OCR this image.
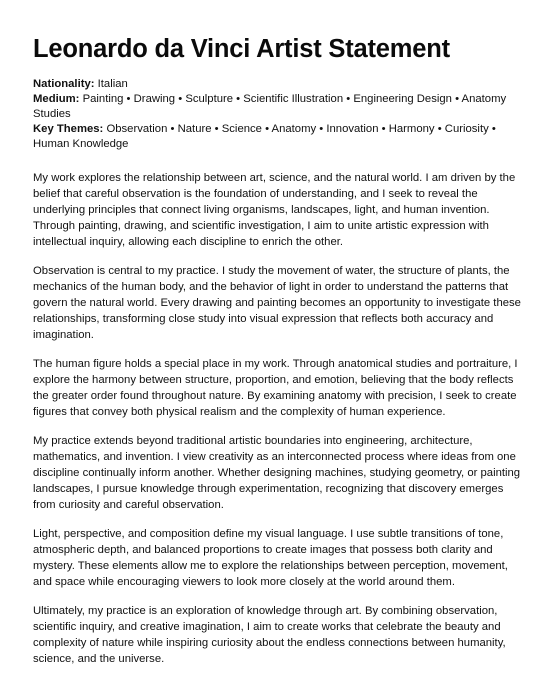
Leonardo da Vinci Artist Statement

Nationality: Italian

Medium: Painting • Drawing • Sculpture • Scientific Illustration • Engineering Design • Anatomy Studies

Key Themes: Observation • Nature • Science • Anatomy • Innovation • Harmony • Curiosity • Human Knowledge

My work explores the relationship between art, science, and the natural world. I am driven by the belief that careful observation is the foundation of understanding, and I seek to reveal the underlying principles that connect living organisms, landscapes, light, and human invention. Through painting, drawing, and scientific investigation, I aim to unite artistic expression with intellectual inquiry, allowing each discipline to enrich the other.

Observation is central to my practice. I study the movement of water, the structure of plants, the mechanics of the human body, and the behavior of light in order to understand the patterns that govern the natural world. Every drawing and painting becomes an opportunity to investigate these relationships, transforming close study into visual expression that reflects both accuracy and imagination.

The human figure holds a special place in my work. Through anatomical studies and portraiture, I explore the harmony between structure, proportion, and emotion, believing that the body reflects the greater order found throughout nature. By examining anatomy with precision, I seek to create figures that convey both physical realism and the complexity of human experience.

My practice extends beyond traditional artistic boundaries into engineering, architecture, mathematics, and invention. I view creativity as an interconnected process where ideas from one discipline continually inform another. Whether designing machines, studying geometry, or painting landscapes, I pursue knowledge through experimentation, recognizing that discovery emerges from curiosity and careful observation.

Light, perspective, and composition define my visual language. I use subtle transitions of tone, atmospheric depth, and balanced proportions to create images that possess both clarity and mystery. These elements allow me to explore the relationships between perception, movement, and space while encouraging viewers to look more closely at the world around them.

Ultimately, my practice is an exploration of knowledge through art. By combining observation, scientific inquiry, and creative imagination, I aim to create works that celebrate the beauty and complexity of nature while inspiring curiosity about the endless connections between humanity, science, and the universe.
